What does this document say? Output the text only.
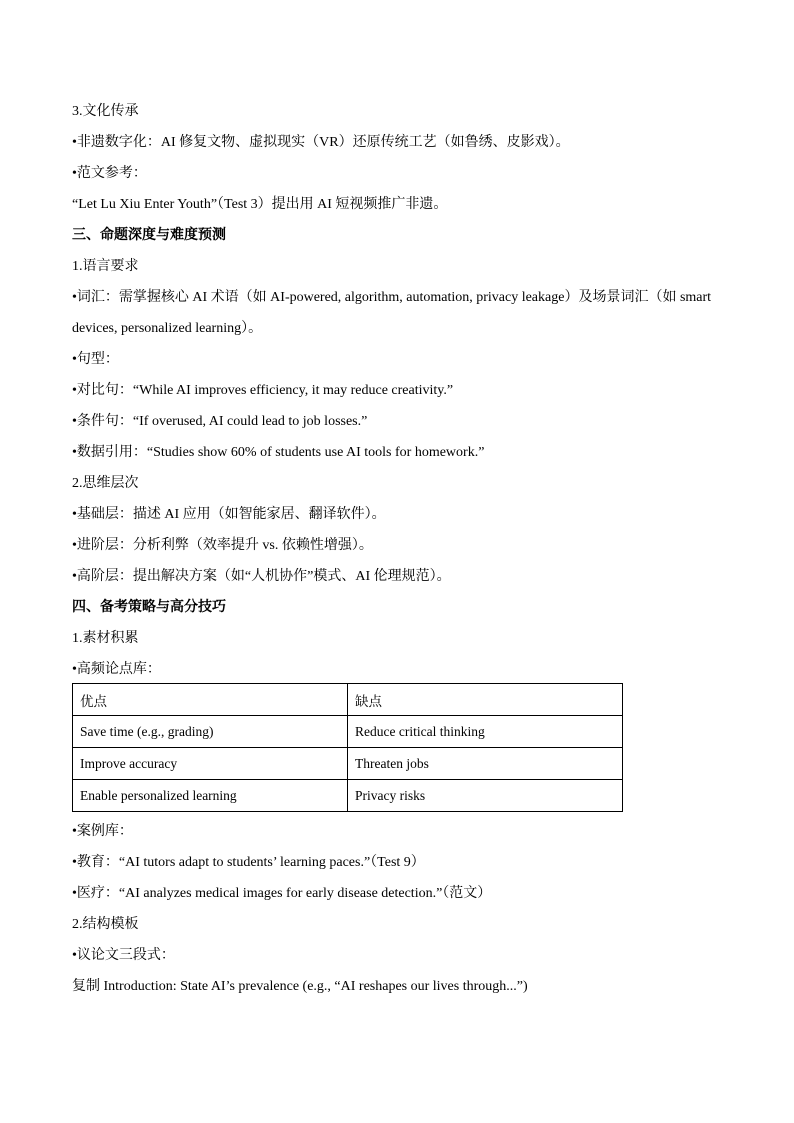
3.文化传承
•非遗数字化：AI 修复文物、虚拟现实（VR）还原传统工艺（如鲁绣、皮影戏）。
•范文参考：
“Let Lu Xiu Enter Youth”（Test 3）提出用 AI 短视频推广非遗。
三、命题深度与难度预测
1.语言要求
•词汇：需掌握核心 AI 术语（如 AI-powered, algorithm, automation, privacy leakage）及场景词汇（如 smart devices, personalized learning）。
•句型：
•对比句：“While AI improves efficiency, it may reduce creativity.”
•条件句：“If overused, AI could lead to job losses.”
•数据引用：“Studies show 60% of students use AI tools for homework.”
2.思维层次
•基础层：描述 AI 应用（如智能家居、翻译软件）。
•进阶层：分析利弊（效率提升 vs. 依赖性增强）。
•高阶层：提出解决方案（如“人机协作”模式、AI 伦理规范）。
四、备考策略与高分技巧
1.素材积累
•高频论点库：
优点	缺点
Save time (e.g., grading)	Reduce critical thinking
Improve accuracy	Threaten jobs
Enable personalized learning	Privacy risks
•案例库：
•教育：“AI tutors adapt to students’ learning paces.”（Test 9）
•医疗：“AI analyzes medical images for early disease detection.”（范文）
2.结构模板
•议论文三段式：
复制 Introduction: State AI’s prevalence (e.g., “AI reshapes our lives through...”)
